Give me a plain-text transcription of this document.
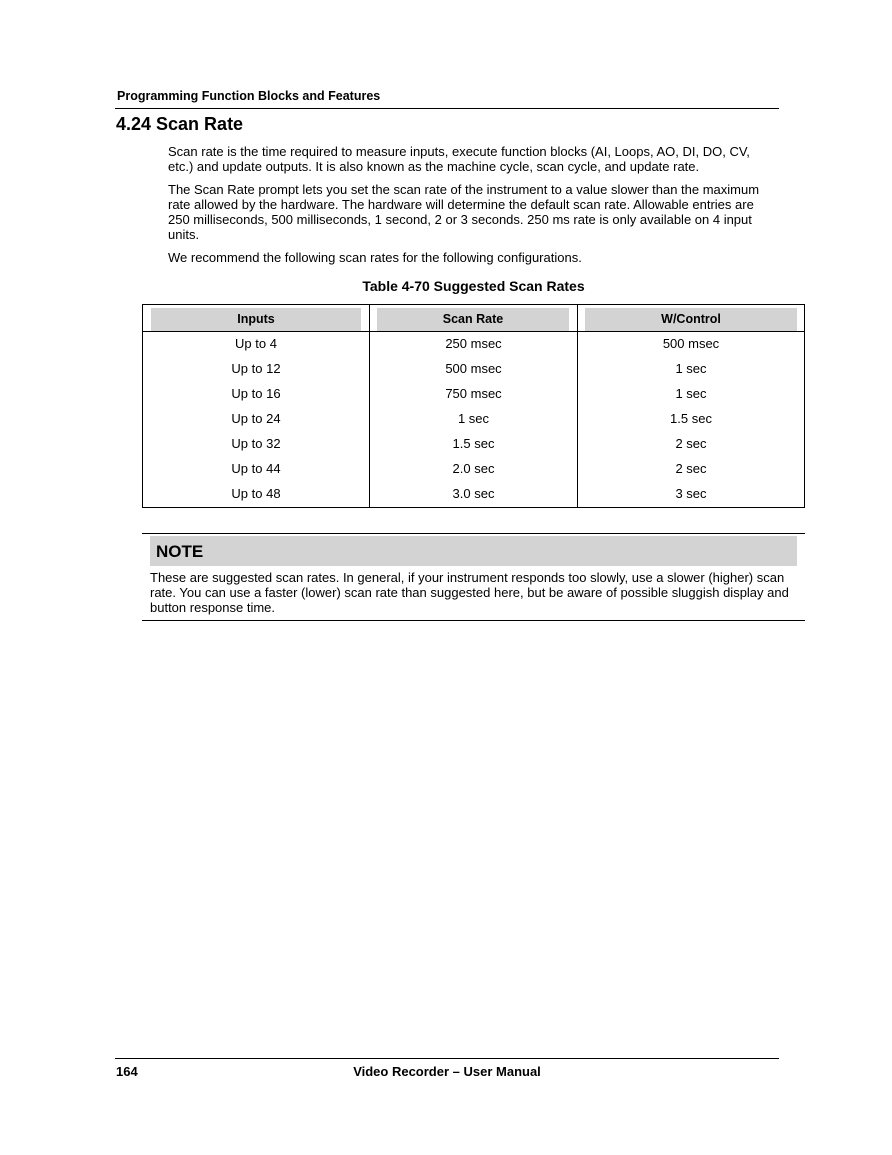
Programming Function Blocks and Features
4.24 Scan Rate
Scan rate is the time required to measure inputs, execute function blocks (AI, Loops, AO, DI, DO, CV, etc.) and update outputs. It is also known as the machine cycle, scan cycle, and update rate.
The Scan Rate prompt lets you set the scan rate of the instrument to a value slower than the maximum rate allowed by the hardware. The hardware will determine the default scan rate. Allowable entries are 250 milliseconds, 500 milliseconds, 1 second, 2 or 3 seconds. 250 ms rate is only available on 4 input units.
We recommend the following scan rates for the following configurations.
Table 4-70 Suggested Scan Rates
Inputs	Scan Rate	W/Control
Up to 4	250 msec	500 msec
Up to 12	500 msec	1 sec
Up to 16	750 msec	1 sec
Up to 24	1 sec	1.5 sec
Up to 32	1.5 sec	2 sec
Up to 44	2.0 sec	2 sec
Up to 48	3.0 sec	3 sec
NOTE
These are suggested scan rates. In general, if your instrument responds too slowly, use a slower (higher) scan rate. You can use a faster (lower) scan rate than suggested here, but be aware of possible sluggish display and button response time.
164	Video Recorder – User Manual
